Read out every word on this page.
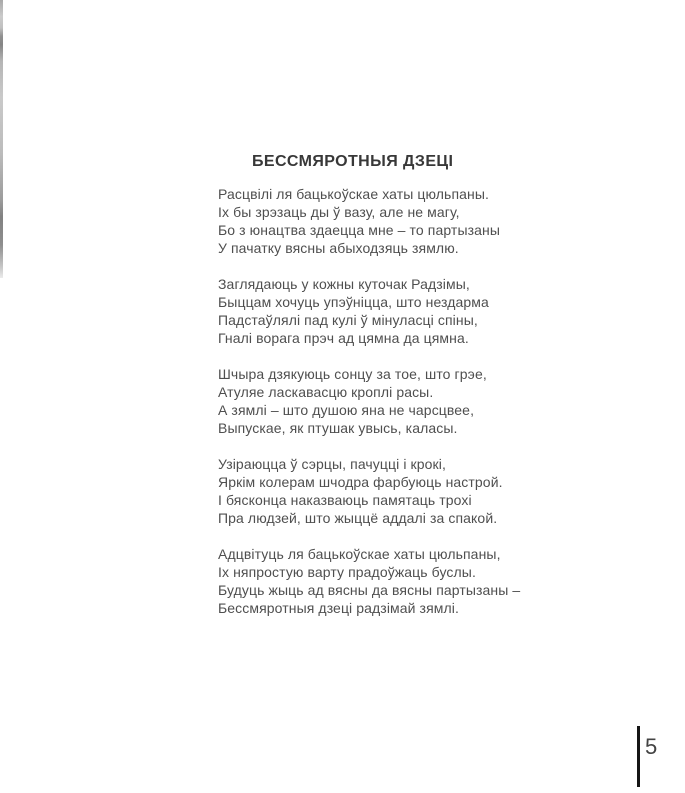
БЕССМЯРОТНЫЯ ДЗЕЦІ
Расцвілі ля бацькоўскае хаты цюльпаны.
Іх бы зрэзаць ды ў вазу, але не магу,
Бо з юнацтва здаецца мне – то партызаны
У пачатку вясны абыходзяць зямлю.
Заглядаюць у кожны куточак Радзімы,
Быццам хочуць упэўніцца, што нездарма
Падстаўлялі пад кулі ў мінуласці спіны,
Гналі ворага прэч ад цямна да цямна.
Шчыра дзякуюць сонцу за тое, што грэе,
Атуляе ласкавасцю кроплі расы.
А зямлі – што душою яна не чарсцвее,
Выпускае, як птушак увысь, каласы.
Узіраюцца ў сэрцы, пачуцці і крокі,
Яркім колерам шчодра фарбуюць настрой.
І бясконца наказваюць памятаць трохі
Пра людзей, што жыццё аддалі за спакой.
Адцвітуць ля бацькоўскае хаты цюльпаны,
Іх няпростую варту прадоўжаць буслы.
Будуць жыць ад вясны да вясны партызаны –
Бессмяротныя дзеці радзімай зямлі.
5
